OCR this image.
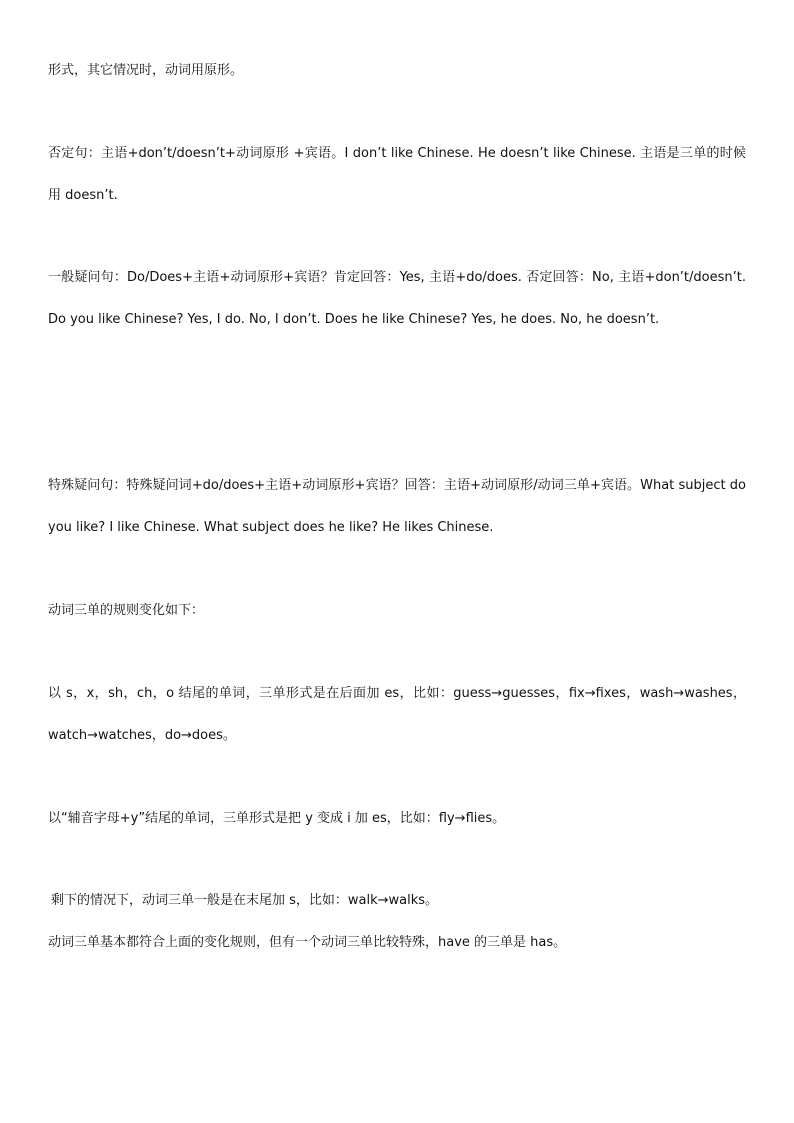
形式，其它情况时，动词用原形。

否定句：主语+don’t/doesn’t+动词原形 +宾语。I don’t like Chinese. He doesn’t like Chinese. 主语是三单的时候用 doesn’t.

一般疑问句：Do/Does+主语+动词原形+宾语？肯定回答：Yes, 主语+do/does. 否定回答：No, 主语+don’t/doesn’t. Do you like Chinese? Yes, I do. No, I don’t. Does he like Chinese? Yes, he does. No, he doesn’t.

特殊疑问句：特殊疑问词+do/does+主语+动词原形+宾语？回答：主语+动词原形/动词三单+宾语。What subject do you like? I like Chinese. What subject does he like? He likes Chinese.

动词三单的规则变化如下：

以 s，x，sh，ch，o 结尾的单词，三单形式是在后面加 es，比如：guess→guesses，fix→fixes，wash→washes，watch→watches，do→does。

以“辅音字母+y”结尾的单词，三单形式是把 y 变成 i 加 es，比如：fly→flies。

剩下的情况下，动词三单一般是在末尾加 s，比如：walk→walks。

动词三单基本都符合上面的变化规则，但有一个动词三单比较特殊，have 的三单是 has。
